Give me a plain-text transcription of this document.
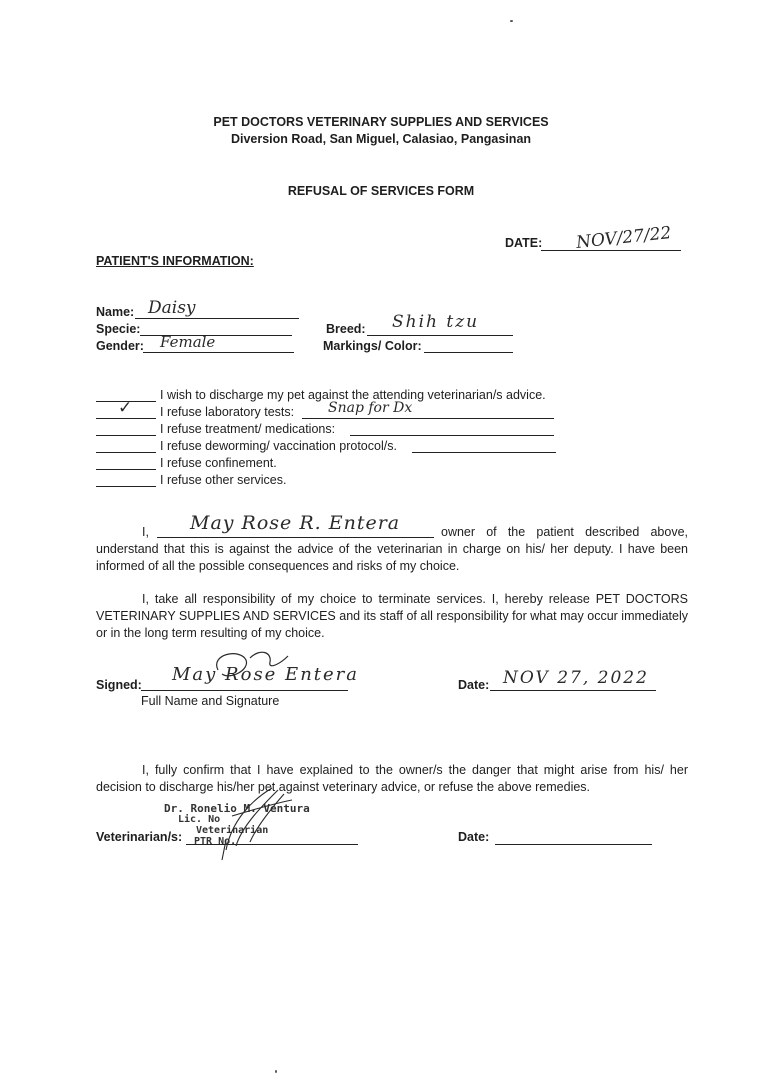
PET DOCTORS VETERINARY SUPPLIES AND SERVICES
Diversion Road, San Miguel, Calasiao, Pangasinan
REFUSAL OF SERVICES FORM
DATE: NOV/27/22
PATIENT'S INFORMATION:
Name: Daisy
Specie:
Gender: Female
Breed: Shih tzu
Markings/ Color:
I wish to discharge my pet against the attending veterinarian/s advice.
✓ I refuse laboratory tests: Snap for Dx
I refuse treatment/ medications:
I refuse deworming/ vaccination protocol/s.
I refuse confinement.
I refuse other services.
I, May Rose R. Entera	owner of the patient described above,
understand that this is against the advice of the veterinarian in charge on his/ her deputy. I have been informed of all the possible consequences and risks of my choice.
I, take all responsibility of my choice to terminate services. I, hereby release PET DOCTORS VETERINARY SUPPLIES AND SERVICES and its staff of all responsibility for what may occur immediately or in the long term resulting of my choice.
Signed: May Rose Entera
Full Name and Signature
Date: NOV 27, 2022
I, fully confirm that I have explained to the owner/s the danger that might arise from his/ her decision to discharge his/her pet against veterinary advice, or refuse the above remedies.
Veterinarian/s:
Dr. Ronelio M. Ventura
Lic. No
Veterinarian
PTR No.	Date:
